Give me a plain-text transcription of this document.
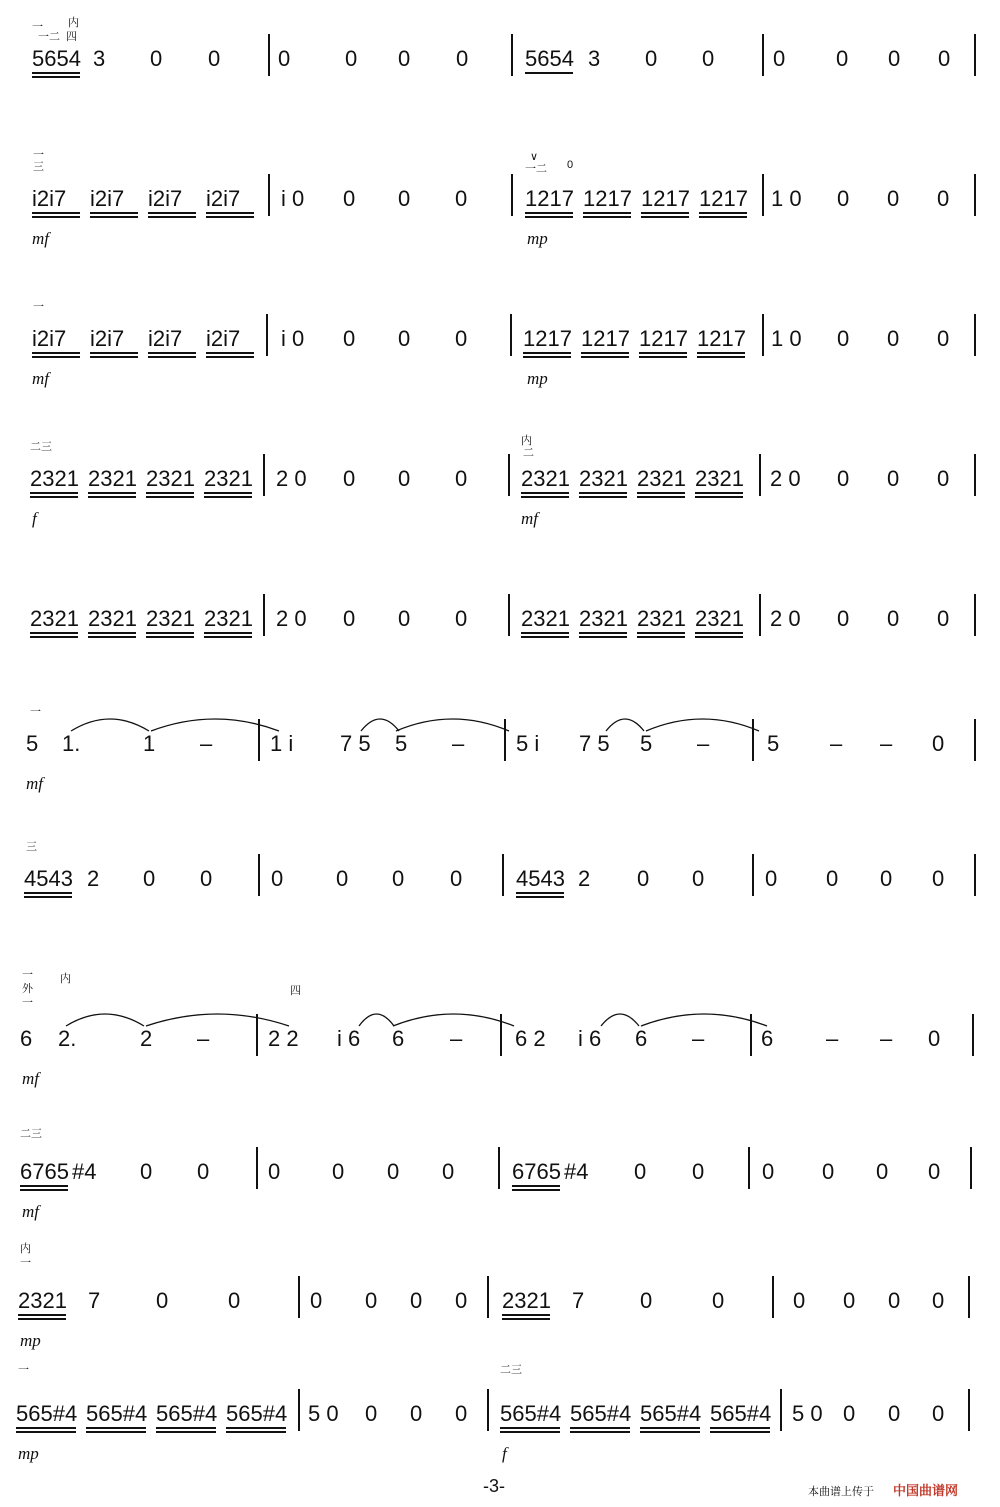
一 内
一二 四
5654 3 0 0	0 0 0 0	5654 3 0 0	0 0 0 0
一
三
∨
一二 0
i2i7 i2i7 i2i7 i2i7 i 0 0 0 0	1217 1217 1217 1217 1 0 0 0 0
mf	mp
一
i2i7 i2i7 i2i7 i2i7 i 0 0 0 0	1217 1217 1217 1217 1 0 0 0 0
mf	mp
二三	内
二
2321 2321 2321 2321 2 0 0 0 0 2321 2321 2321 2321 2 0 0 0 0
f	mf
2321 2321 2321 2321 2 0 0 0 0 2321 2321 2321 2321 2 0 0 0 0
一
5 1.	1 –	1 i 7 5 5 – 5 i 7 5 5 –	5 – – 0
mf
三
4543 2 0 0	0 0 0 0 4543 2 0 0	0 0 0 0
一
外
一
内
四
6 2.	2 –	2 2 i 6 6 – 6 2 i 6 6 –	6 – – 0
mf
二三
6765 #4 0 0	0 0 0 0	6765 #4 0 0	0 0 0 0
mf
内
一
2321 7	0	0	0 0 0 0 2321 7	0	0	0 0 0 0
mp
一	二三
565#4 565#4 565#4 565#4 5 0 0 0 0 565#4 565#4 565#4 565#4 5 0 0 0 0
mp	f
-3-	本曲谱上传于 中国曲谱网
